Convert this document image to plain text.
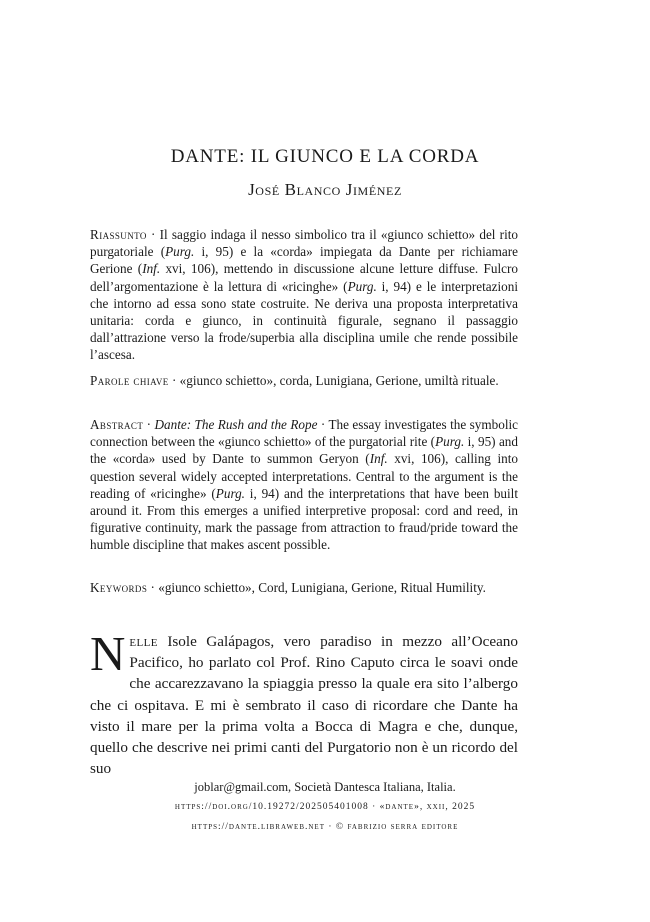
DANTE: IL GIUNCO E LA CORDA
José Blanco Jiménez
Riassunto · Il saggio indaga il nesso simbolico tra il «giunco schietto» del rito purgatoriale (Purg. i, 95) e la «corda» impiegata da Dante per richiamare Gerione (Inf. xvi, 106), mettendo in discussione alcune letture diffuse. Fulcro dell’argomentazione è la lettura di «ricinghe» (Purg. i, 94) e le interpretazioni che intorno ad essa sono state costruite. Ne deriva una proposta interpretativa unitaria: corda e giunco, in continuità figurale, segnano il passaggio dall’attrazione verso la frode/superbia alla disciplina umile che rende possibile l’ascesa.
Parole chiave · «giunco schietto», corda, Lunigiana, Gerione, umiltà rituale.
Abstract · Dante: The Rush and the Rope · The essay investigates the symbolic connection between the «giunco schietto» of the purgatorial rite (Purg. i, 95) and the «corda» used by Dante to summon Geryon (Inf. xvi, 106), calling into question several widely accepted interpretations. Central to the argument is the reading of «ricinghe» (Purg. i, 94) and the interpretations that have been built around it. From this emerges a unified interpretive proposal: cord and reed, in figurative continuity, mark the passage from attraction to fraud/pride toward the humble discipline that makes ascent possible.
Keywords · «giunco schietto», Cord, Lunigiana, Gerione, Ritual Humility.
Nelle Isole Galápagos, vero paradiso in mezzo all’Oceano Pacifico, ho parlato col Prof. Rino Caputo circa le soavi onde che accarezzavano la spiaggia presso la quale era sito l’albergo che ci ospitava. E mi è sembrato il caso di ricordare che Dante ha visto il mare per la prima volta a Bocca di Magra e che, dunque, quello che descrive nei primi canti del Purgatorio non è un ricordo del suo
joblar@gmail.com, Società Dantesca Italiana, Italia.
https://doi.org/10.19272/202505401008 · «dante», xxii, 2025
https://dante.libraweb.net · © fabrizio serra editore
